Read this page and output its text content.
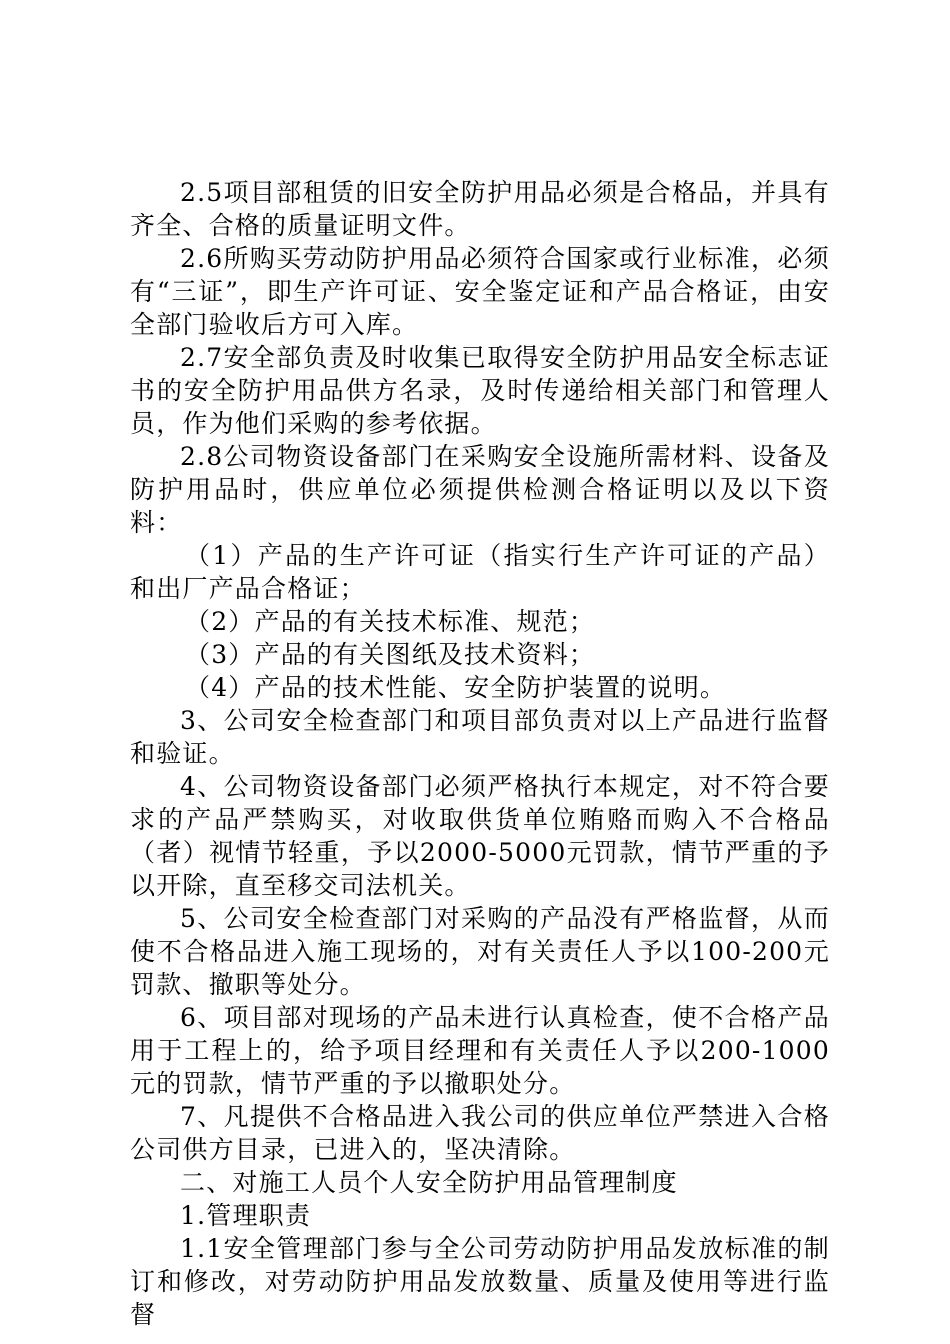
2.5项目部租赁的旧安全防护用品必须是合格品，并具有齐全、合格的质量证明文件。

2.6所购买劳动防护用品必须符合国家或行业标准，必须有“三证”，即生产许可证、安全鉴定证和产品合格证，由安全部门验收后方可入库。

2.7安全部负责及时收集已取得安全防护用品安全标志证书的安全防护用品供方名录，及时传递给相关部门和管理人员，作为他们采购的参考依据。

2.8公司物资设备部门在采购安全设施所需材料、设备及防护用品时，供应单位必须提供检测合格证明以及以下资料：

（1）产品的生产许可证（指实行生产许可证的产品）和出厂产品合格证；

（2）产品的有关技术标准、规范；

（3）产品的有关图纸及技术资料；

（4）产品的技术性能、安全防护装置的说明。

3、公司安全检查部门和项目部负责对以上产品进行监督和验证。

4、公司物资设备部门必须严格执行本规定，对不符合要求的产品严禁购买，对收取供货单位贿赂而购入不合格品（者）视情节轻重，予以2000-5000元罚款，情节严重的予以开除，直至移交司法机关。

5、公司安全检查部门对采购的产品没有严格监督，从而使不合格品进入施工现场的，对有关责任人予以100-200元罚款、撤职等处分。

6、项目部对现场的产品未进行认真检查，使不合格产品用于工程上的，给予项目经理和有关责任人予以200-1000元的罚款，情节严重的予以撤职处分。

7、凡提供不合格品进入我公司的供应单位严禁进入合格公司供方目录，已进入的，坚决清除。

二、对施工人员个人安全防护用品管理制度

1.管理职责

1.1安全管理部门参与全公司劳动防护用品发放标准的制订和修改，对劳动防护用品发放数量、质量及使用等进行监督
